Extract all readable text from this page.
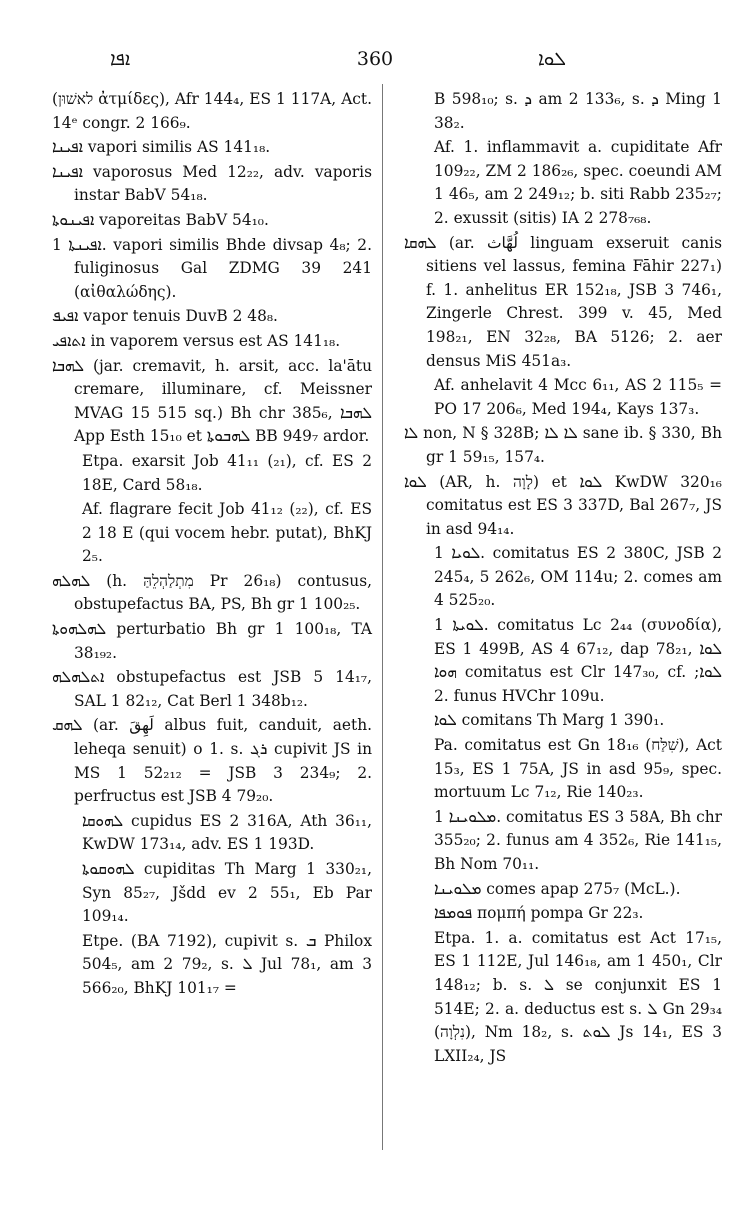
ܐܦܐ	360	ܠܘܐ

(לאשׁוּן ἀτμίδες), Afr 144₄, ES 1 117A, Act. 14ᵉ congr. 2 166₉.

ܐܦܝܢܐ vapori similis AS 141₁₈.

ܐܦܝܢܐ vaporosus Med 12₂₂, adv. vaporis instar BabV 54₁₈.

ܐܦܝܢܘܬܐ vaporeitas BabV 54₁₀.

ܐܦܝܢܬܐ 1. vapori similis Bhde divsap 4₈; 2. fuliginosus Gal ZDMG 39 241 (αἰθαλώδης).

ܐܦܝܦ vapor tenuis DuvB 2 48₈.

ܐܬܐܦܝ in vaporem versus est AS 141₁₈.

ܠܗܒܐ (jar. cremavit, h. arsit, acc. la'ātu cremare, illuminare, cf. Meissner MVAG 15 515 sq.) Bh chr 385₆, ܠܗܒܐ App Esth 15₁₀ et ܠܗܒܘܬܐ BB 949₇ ardor.

Etpa. exarsit Job 41₁₁ (₂₁), cf. ES 2 18E, Card 58₁₈.

Af. flagrare fecit Job 41₁₂ (₂₂), cf. ES 2 18 E (qui vocem hebr. putat), BhKJ 2₅.

ܠܗܠܗ (h. מִתְלַהְלֵהַּ Pr 26₁₈) contusus, obstupefactus BA, PS, Bh gr 1 100₂₅.

ܠܗܠܗܘܬܐ perturbatio Bh gr 1 100₁₈, TA 38₁₉₂.

ܐܬܠܗܠܗ obstupefactus est JSB 5 14₁₇, SAL 1 82₁₂, Cat Berl 1 348b₁₂.

ܠܗܩ (ar. لَهِقَ albus fuit, canduit, aeth. leheqa senuit) o 1. s. ܪܓ cupivit JS in MS 1 52₂₁₂ = JSB 3 234₉; 2. perfructus est JSB 4 79₂₀.

ܠܗܘܩܐ cupidus ES 2 316A, Ath 36₁₁, KwDW 173₁₄, adv. ES 1 193D.

ܠܗܘܩܘܬܐ cupiditas Th Marg 1 330₂₁, Syn 85₂₇, Jšdd ev 2 55₁, Eb Par 109₁₄.

Etpe. (BA 7192), cupivit s. ܒ Philox 504₅, am 2 79₂, s. ܠ Jul 78₁, am 3 566₂₀, BhKJ 101₁₇ =

B 598₁₀; s. ܕ am 2 133₆, s. ܕ Ming 1 38₂.

Af. 1. inflammavit a. cupiditate Afr 109₂₂, ZM 2 186₂₆, spec. coeundi AM 1 46₅, am 2 249₁₂; b. siti Rabb 235₂₇; 2. exussit (sitis) IA 2 278₇₆₈.

ܠܗܩܐ (ar. لُهَّاث linguam exseruit canis sitiens vel lassus, femina Fāhir 227₁) f. 1. anhelitus ER 152₁₈, JSB 3 746₁, Zingerle Chrest. 399 v. 45, Med 198₂₁, EN 32₂₈, BA 5126; 2. aer densus MiS 451a₃.

Af. anhelavit 4 Mcc 6₁₁, AS 2 115₅ = PO 17 206₆, Med 194₄, Kays 137₃.

ܠܐ non, N § 328B; ܠܐ ܠܐ sane ib. § 330, Bh gr 1 59₁₅, 157₄.

ܠܘܐ (AR, h. לָוָה) et ܠܘܐ KwDW 320₁₆ comitatus est ES 3 337D, Bal 267₇, JS in asd 94₁₄.

ܠܘܝܐ 1. comitatus ES 2 380C, JSB 2 245₄, 5 262₆, OM 114u; 2. comes am 4 525₂₀.

ܠܘܝܬܐ 1. comitatus Lc 2₄₄ (συνοδία), ES 1 499B, AS 4 67₁₂, dap 78₂₁, ܠܘܐ ܗܘܐ comitatus est Clr 147₃₀, cf. ܠܘܐ; 2. funus HVChr 109u.

ܠܘܐ comitans Th Marg 1 390₁.

Pa. comitatus est Gn 18₁₆ (שִׁלַּח), Act 15₃, ES 1 75A, JS in asd 95₉, spec. mortuum Lc 7₁₂, Rie 140₂₃.

ܡܠܘܝܢܐ 1. comitatus ES 3 58A, Bh chr 355₂₀; 2. funus am 4 352₆, Rie 141₁₅, Bh Nom 70₁₁.

ܡܠܘܝܢܐ comes apap 275₇ (McL.).

ܦܘܡܦܐ πομπή pompa Gr 22₃.

Etpa. 1. a. comitatus est Act 17₁₅, ES 1 112E, Jul 146₁₈, am 1 450₁, Clr 148₁₂; b. s. ܠ se conjunxit ES 1 514E; 2. a. deductus est s. ܠ Gn 29₃₄ (נִלְוָה), Nm 18₂, s. ܠܘܬ Js 14₁, ES 3 LXII₂₄, JS
